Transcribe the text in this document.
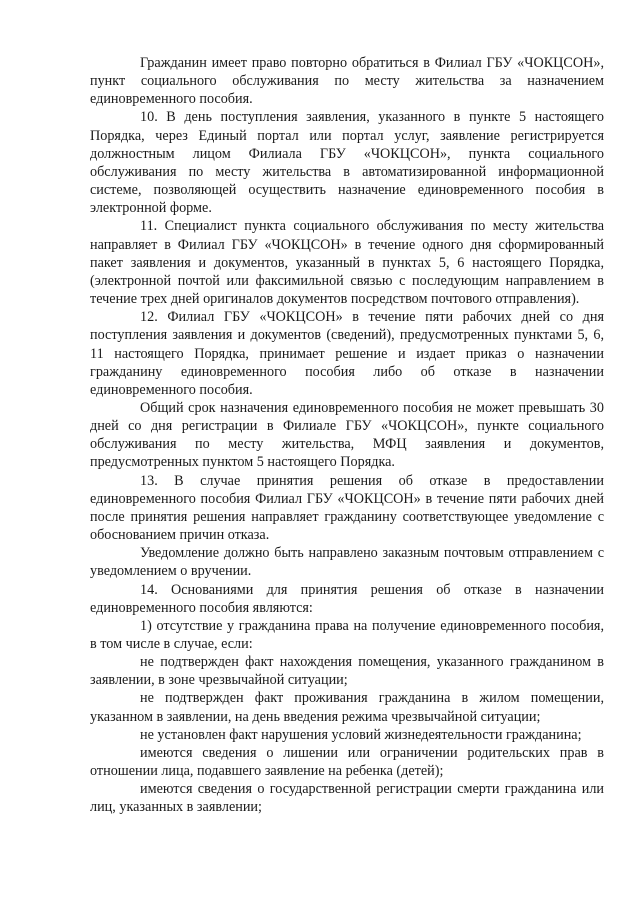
Гражданин имеет право повторно обратиться в Филиал ГБУ «ЧОКЦСОН», пункт социального обслуживания по месту жительства за назначением единовременного пособия.

10. В день поступления заявления, указанного в пункте 5 настоящего Порядка, через Единый портал или портал услуг, заявление регистрируется должностным лицом Филиала ГБУ «ЧОКЦСОН», пункта социального обслуживания по месту жительства в автоматизированной информационной системе, позволяющей осуществить назначение единовременного пособия в электронной форме.

11. Специалист пункта социального обслуживания по месту жительства направляет в Филиал ГБУ «ЧОКЦСОН» в течение одного дня сформированный пакет заявления и документов, указанный в пунктах 5, 6 настоящего Порядка, (электронной почтой или факсимильной связью с последующим направлением в течение трех дней оригиналов документов посредством почтового отправления).

12. Филиал ГБУ «ЧОКЦСОН» в течение пяти рабочих дней со дня поступления заявления и документов (сведений), предусмотренных пунктами 5, 6, 11 настоящего Порядка, принимает решение и издает приказ о назначении гражданину единовременного пособия либо об отказе в назначении единовременного пособия.

Общий срок назначения единовременного пособия не может превышать 30 дней со дня регистрации в Филиале ГБУ «ЧОКЦСОН», пункте социального обслуживания по месту жительства, МФЦ заявления и документов, предусмотренных пунктом 5 настоящего Порядка.

13. В случае принятия решения об отказе в предоставлении единовременного пособия Филиал ГБУ «ЧОКЦСОН» в течение пяти рабочих дней после принятия решения направляет гражданину соответствующее уведомление с обоснованием причин отказа.

Уведомление должно быть направлено заказным почтовым отправлением с уведомлением о вручении.

14. Основаниями для принятия решения об отказе в назначении единовременного пособия являются:

1) отсутствие у гражданина права на получение единовременного пособия, в том числе в случае, если:

не подтвержден факт нахождения помещения, указанного гражданином в заявлении, в зоне чрезвычайной ситуации;

не подтвержден факт проживания гражданина в жилом помещении, указанном в заявлении, на день введения режима чрезвычайной ситуации;

не установлен факт нарушения условий жизнедеятельности гражданина;

имеются сведения о лишении или ограничении родительских прав в отношении лица, подавшего заявление на ребенка (детей);

имеются сведения о государственной регистрации смерти гражданина или лиц, указанных в заявлении;
